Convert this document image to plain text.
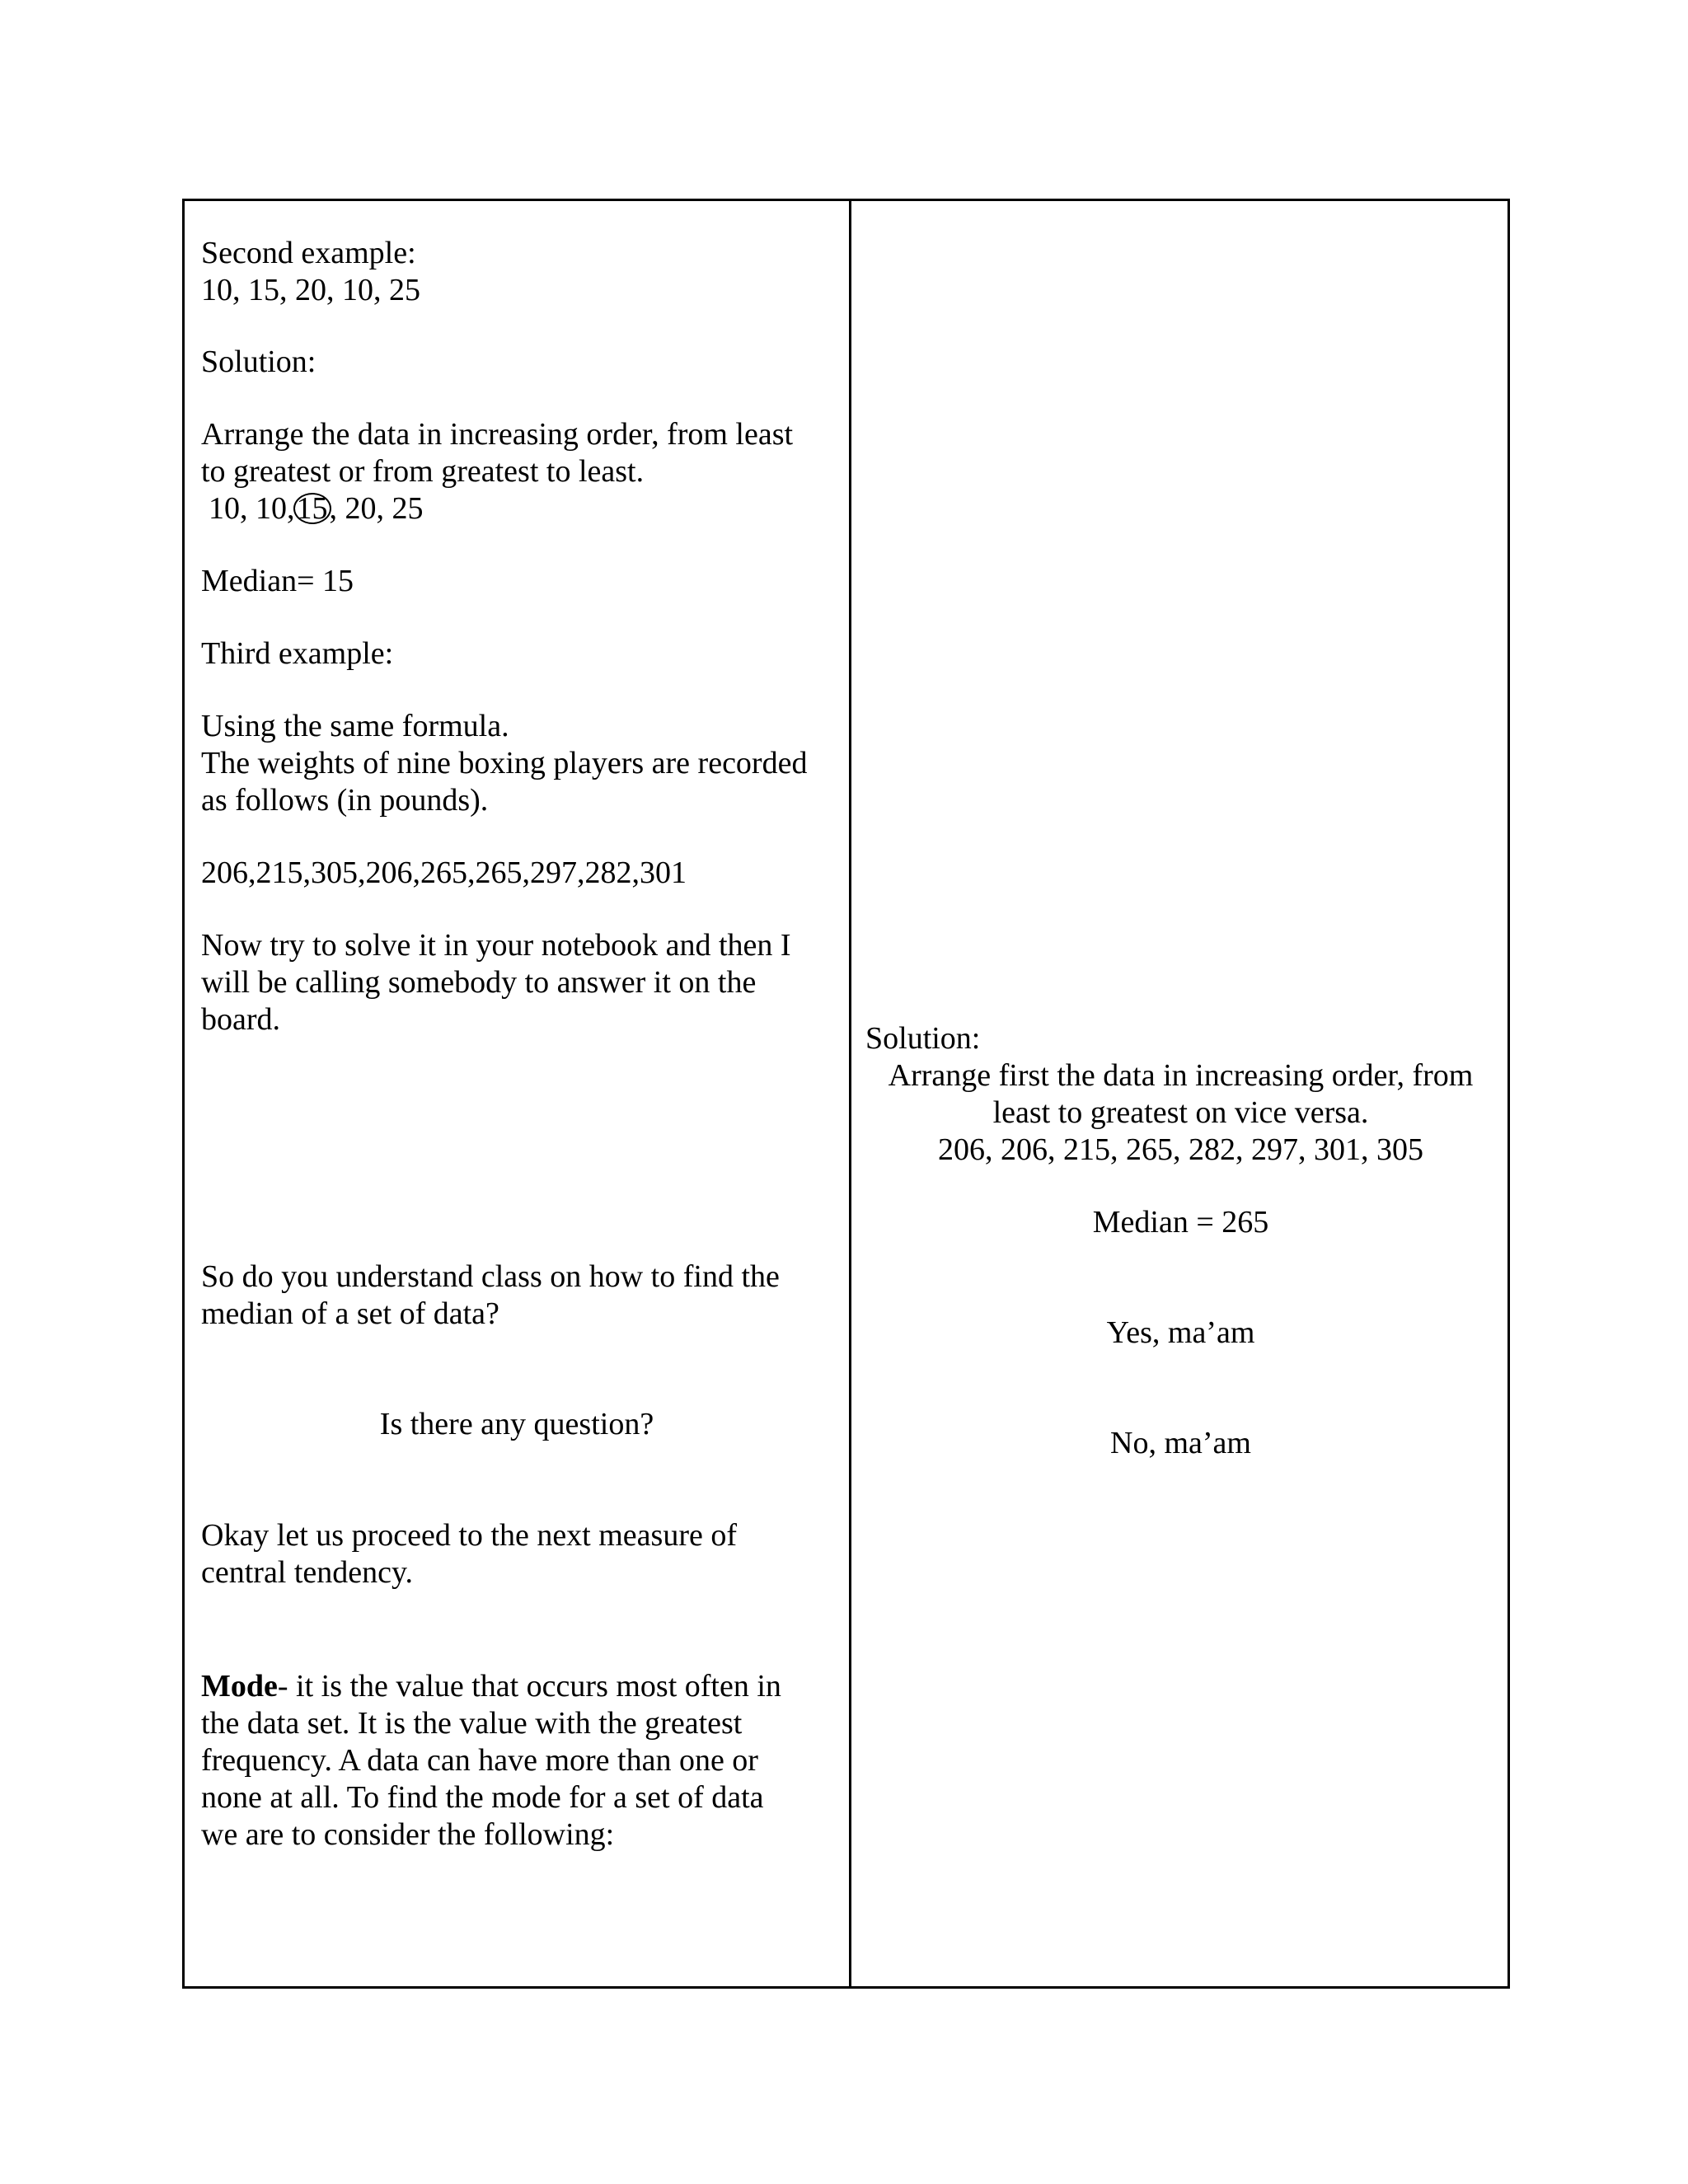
Second example:

10, 15, 20, 10, 25

Solution:

Arrange the data in increasing order, from least

to greatest or from greatest to least.

10, 10,15, 20, 25

Median= 15

Third example:

Using the same formula.

The weights of nine boxing players are recorded

as follows (in pounds).

206,215,305,206,265,265,297,282,301

Now try to solve it in your notebook and then I

will be calling somebody to answer it on the

board.

So do you understand class on how to find the

median of a set of data?

Is there any question?

Okay let us proceed to the next measure of

central tendency.

Mode- it is the value that occurs most often in

the data set. It is the value with the greatest

frequency. A data can have more than one or

none at all. To find the mode for a set of data

we are to consider the following:

Solution:

Arrange first the data in increasing order, from

least to greatest on vice versa.

206, 206, 215, 265, 282, 297, 301, 305

Median = 265

Yes, ma’am

No, ma’am
